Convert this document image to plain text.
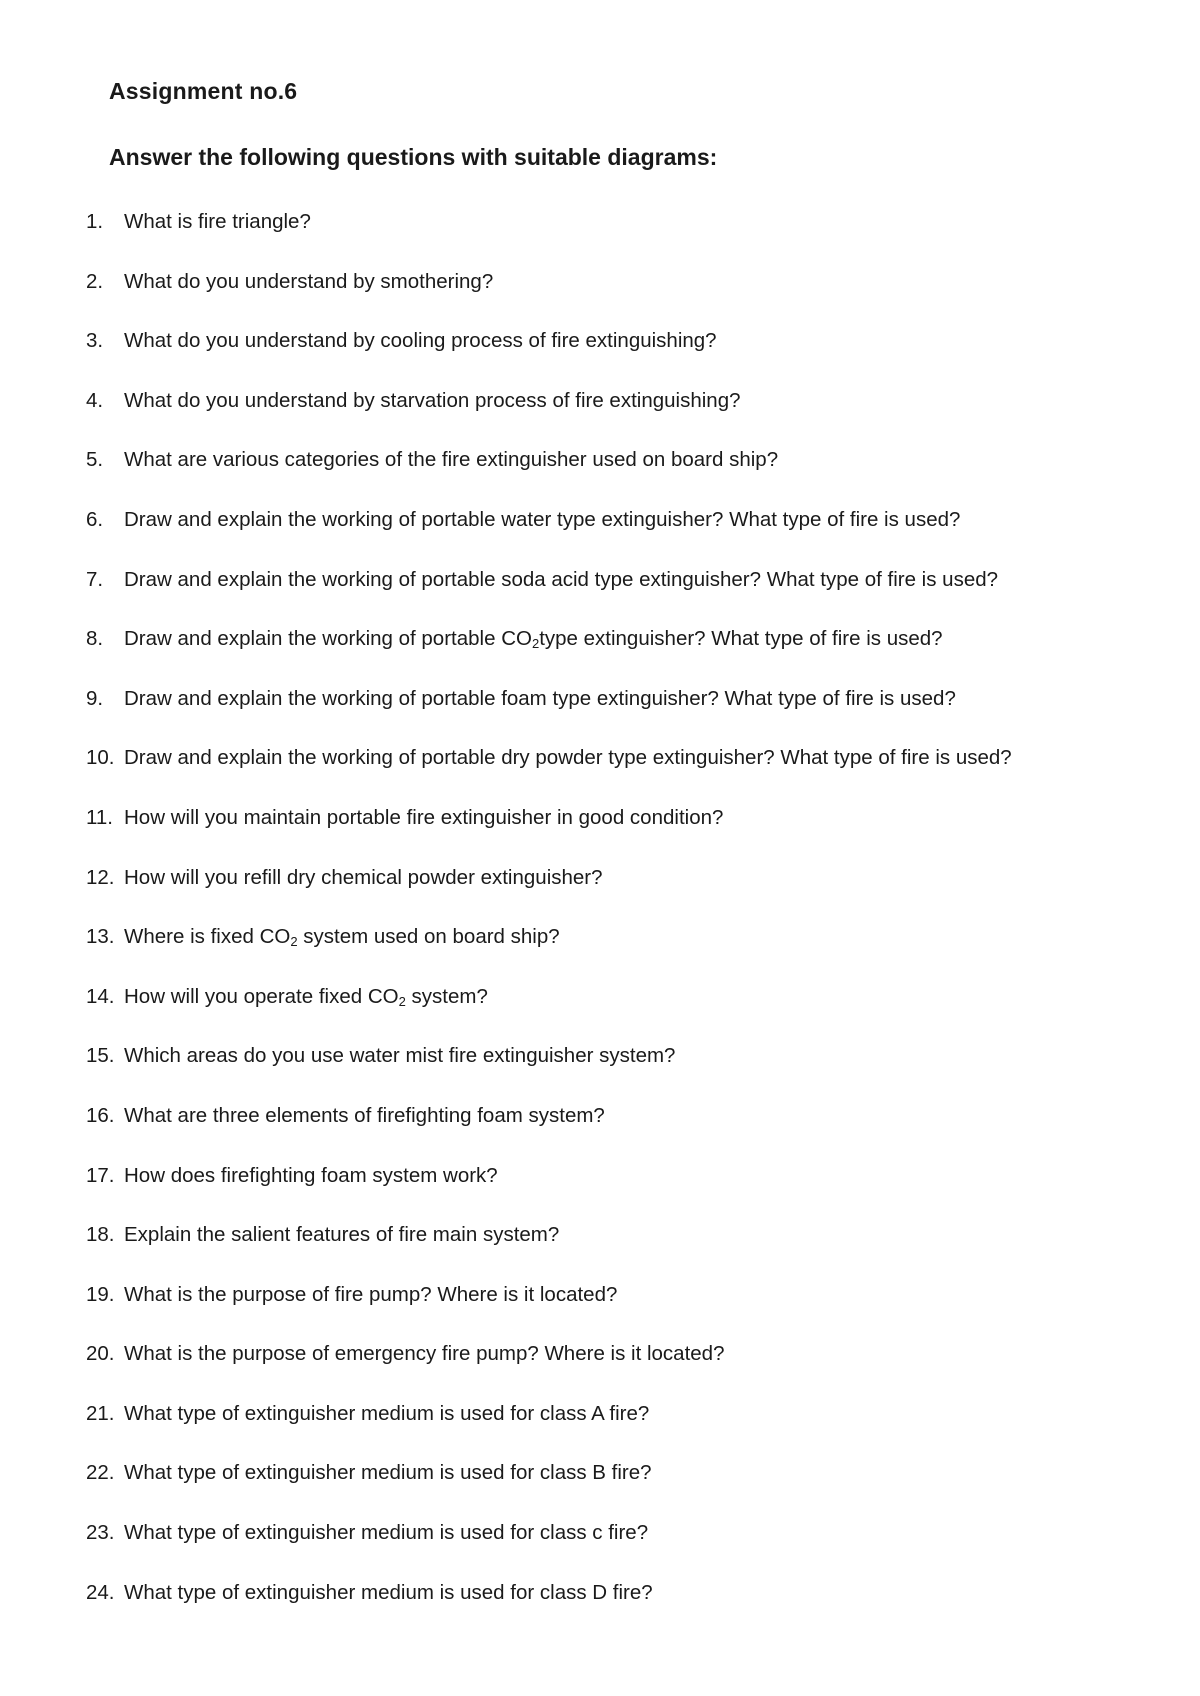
Assignment no.6
Answer the following questions with suitable diagrams:
1.	What is fire triangle?
2.	What do you understand by smothering?
3.	What do you understand by cooling process of fire extinguishing?
4.	What do you understand by starvation process of fire extinguishing?
5.	What are various categories of the fire extinguisher used on board ship?
6.	Draw and explain the working of portable water type extinguisher? What type of fire is used?
7.	Draw and explain the working of portable soda acid type extinguisher? What type of fire is used?
8.	Draw and explain the working of portable $CO_2type$ extinguisher? What type of fire is used?
9.	Draw and explain the working of portable foam type extinguisher? What type of fire is used?
10. Draw and explain the working of portable dry powder type extinguisher? What type of fire is used?
11. How will you maintain portable fire extinguisher in good condition?
12. How will you refill dry chemical powder extinguisher?
13. Where is fixed $CO_2$ system used on board ship?
14. How will you operate fixed $CO_2$ system?
15. Which areas do you use water mist fire extinguisher system?
16. What are three elements of firefighting foam system?
17. How does firefighting foam system work?
18. Explain the salient features of fire main system?
19. What is the purpose of fire pump? Where is it located?
20. What is the purpose of emergency fire pump? Where is it located?
21. What type of extinguisher medium is used for class A fire?
22. What type of extinguisher medium is used for class B fire?
23. What type of extinguisher medium is used for class c fire?
24. What type of extinguisher medium is used for class D fire?
